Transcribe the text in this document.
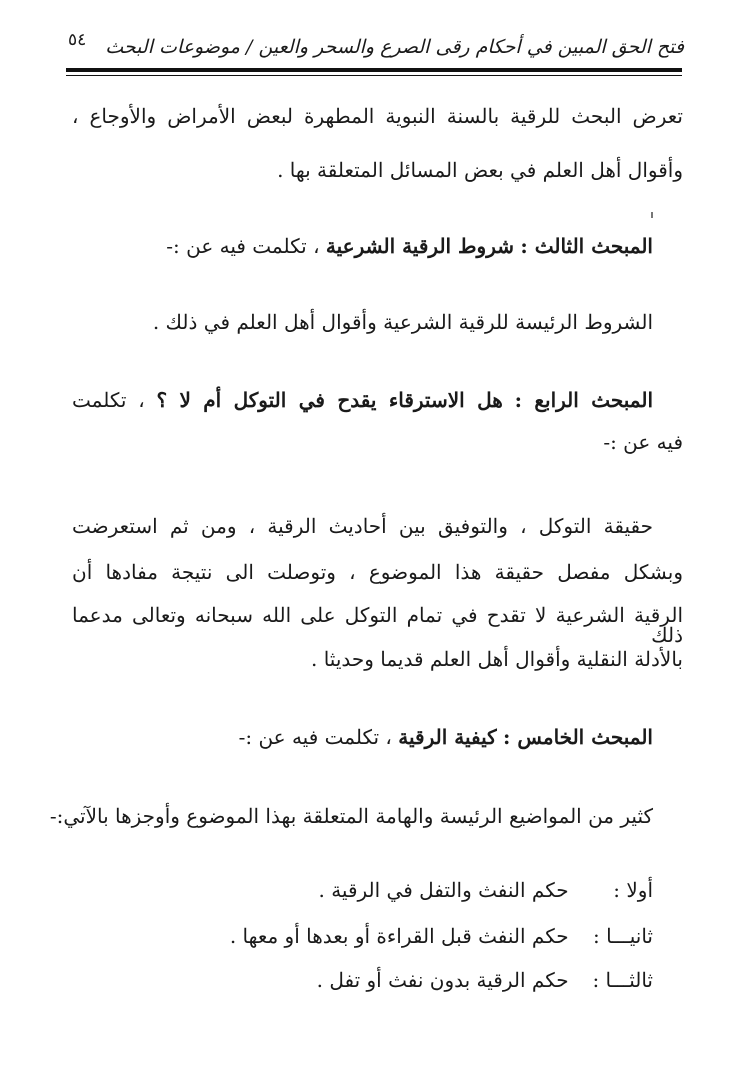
فتح الحق المبين في أحكام رقى الصرع والسحر والعين / موضوعات البحث
٥٤
تعرض البحث للرقية بالسنة النبوية المطهرة لبعض الأمراض والأوجاع ،
وأقوال أهل العلم في بعض المسائل المتعلقة بها .
المبحث الثالث : شروط الرقية الشرعية ، تكلمت فيه عن :-
الشروط الرئيسة للرقية الشرعية وأقوال أهل العلم في ذلك .
المبحث الرابع : هل الاسترقاء يقدح في التوكل أم لا ؟ ، تكلمت
فيه عن :-
حقيقة التوكل ، والتوفيق بين أحاديث الرقية ، ومن ثم استعرضت
وبشكل مفصل حقيقة هذا الموضوع ، وتوصلت الى نتيجة مفادها أن
الرقية الشرعية لا تقدح في تمام التوكل على الله سبحانه وتعالى مدعما ذلك
بالأدلة النقلية وأقوال أهل العلم قديما وحديثا .
المبحث الخامس : كيفية الرقية ، تكلمت فيه عن :-
كثير من المواضيع الرئيسة والهامة المتعلقة بهذا الموضوع وأوجزها بالآتي:-
أولا : حكم النفث والتفل في الرقية .
ثانيـــا : حكم النفث قبل القراءة أو بعدها أو معها .
ثالثـــا : حكم الرقية بدون نفث أو تفل .
